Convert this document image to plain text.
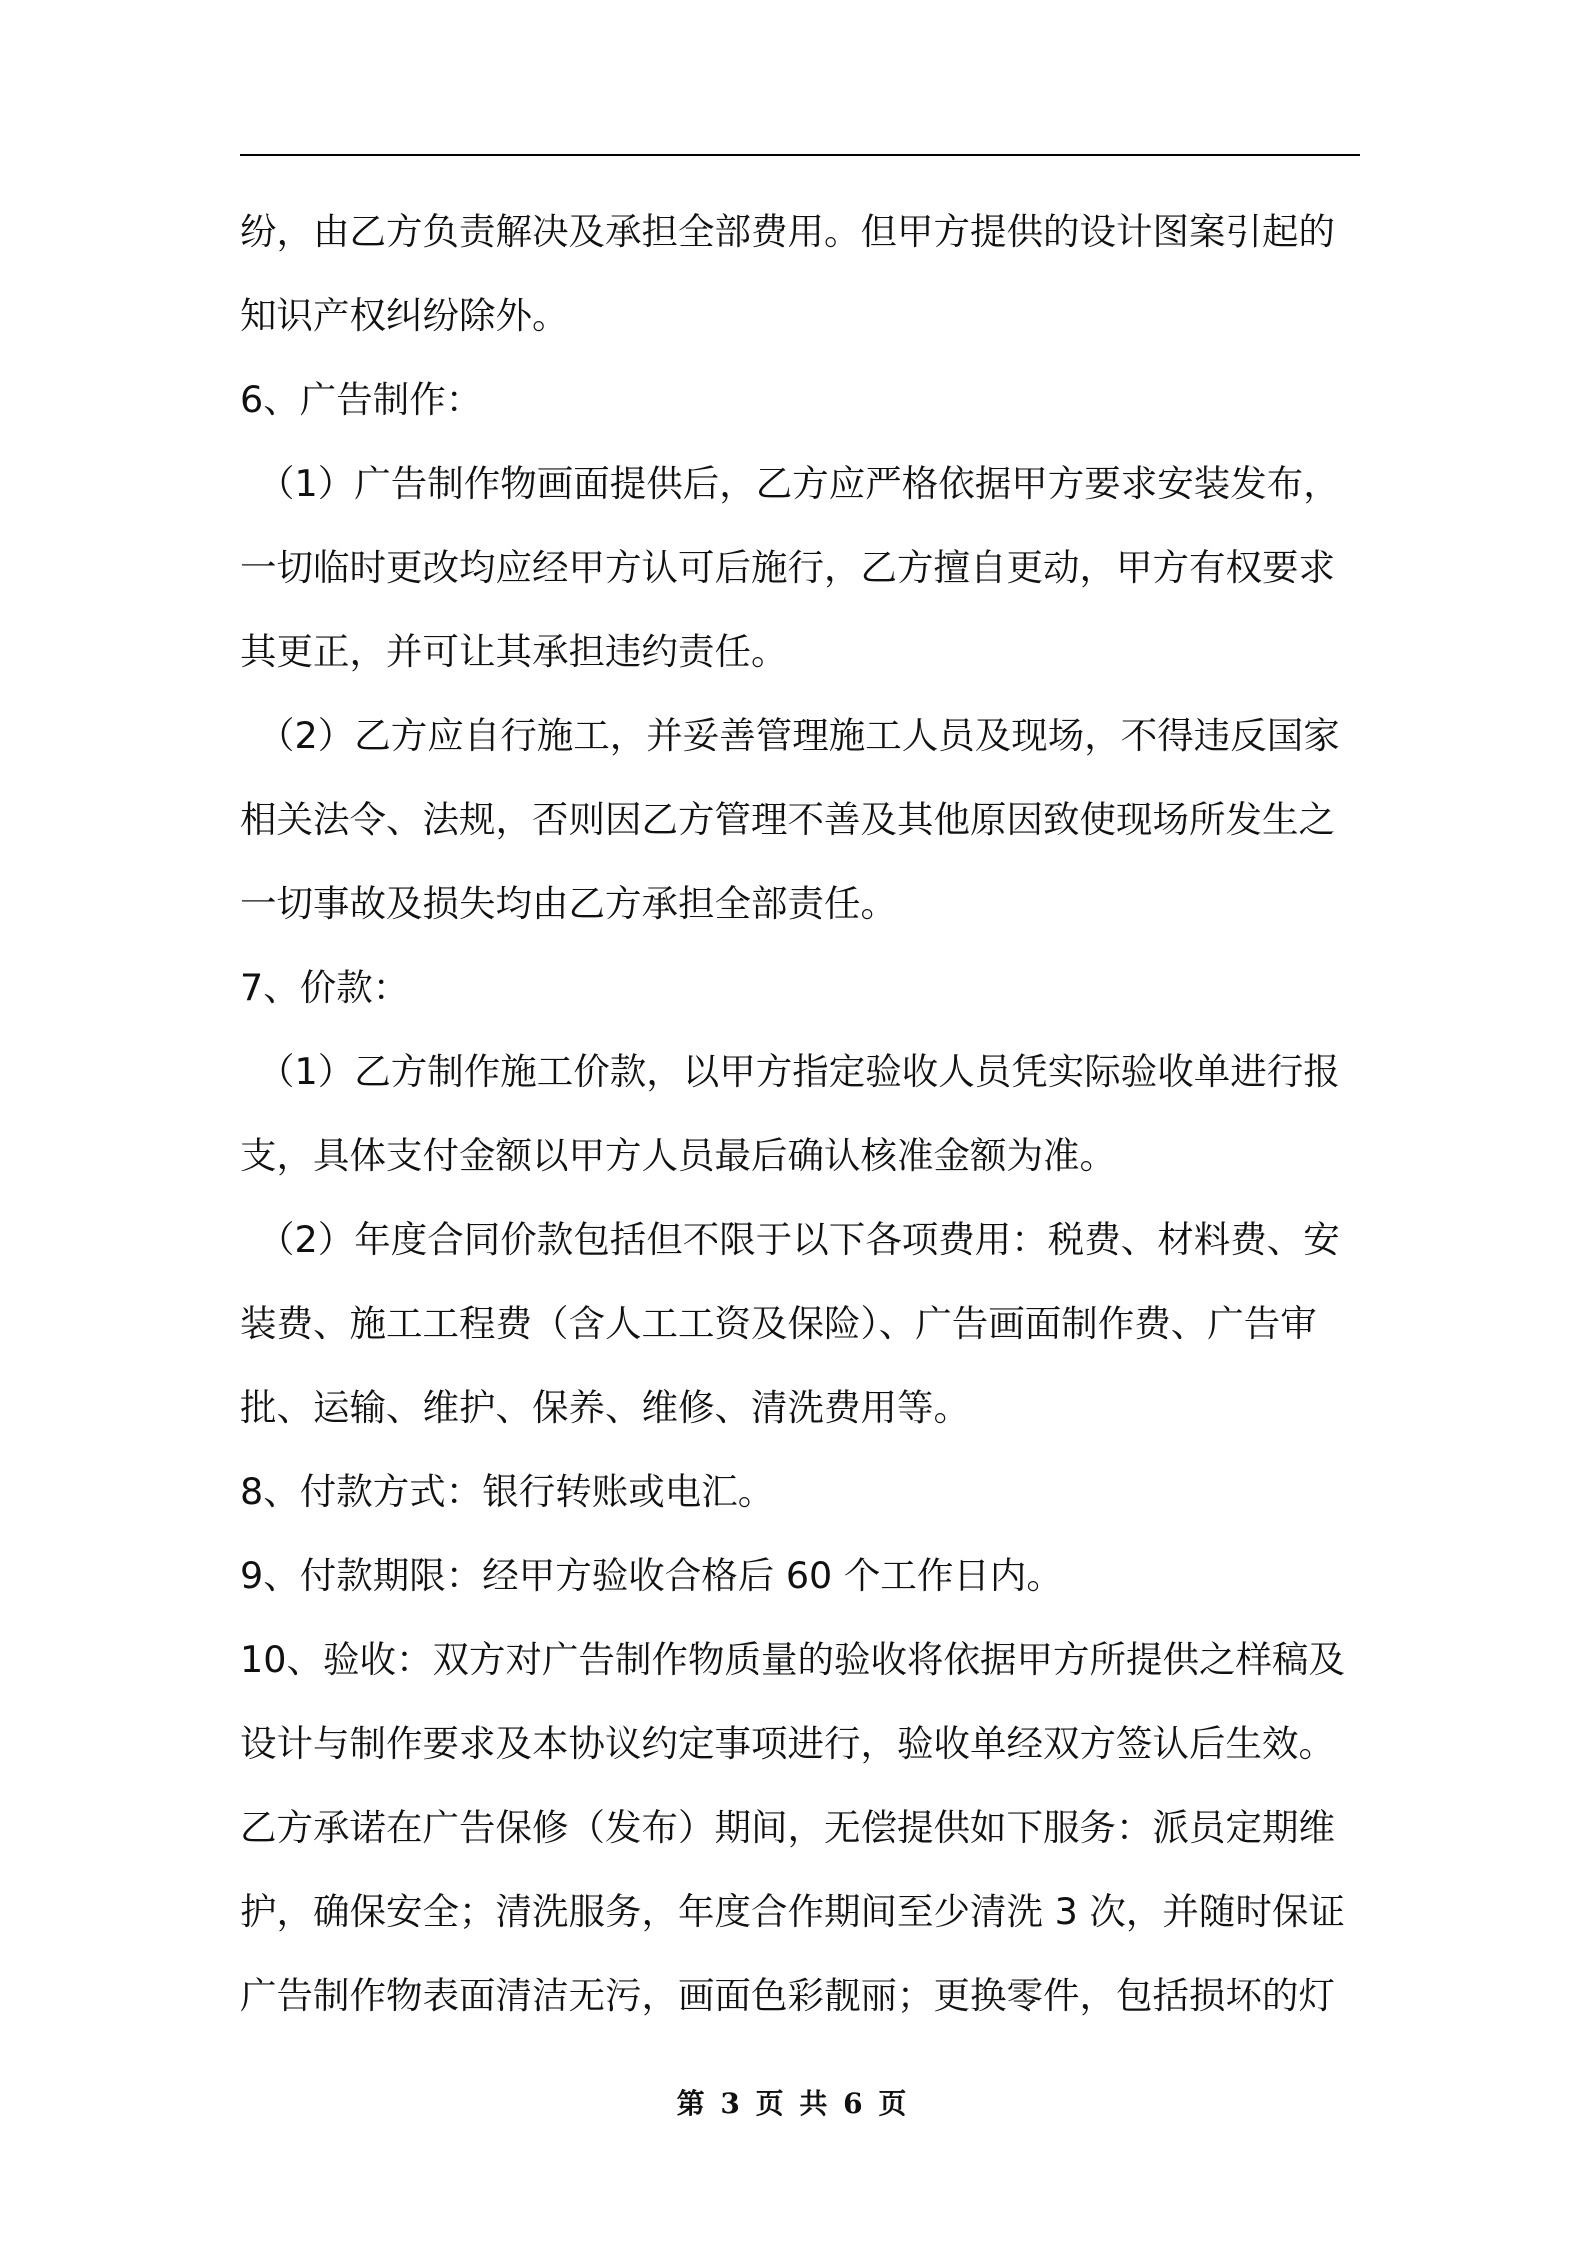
纷，由乙方负责解决及承担全部费用。但甲方提供的设计图案引起的
知识产权纠纷除外。
6、广告制作：
（1）广告制作物画面提供后，乙方应严格依据甲方要求安装发布，
一切临时更改均应经甲方认可后施行，乙方擅自更动，甲方有权要求
其更正，并可让其承担违约责任。
（2）乙方应自行施工，并妥善管理施工人员及现场，不得违反国家
相关法令、法规，否则因乙方管理不善及其他原因致使现场所发生之
一切事故及损失均由乙方承担全部责任。
7、价款：
（1）乙方制作施工价款，以甲方指定验收人员凭实际验收单进行报
支，具体支付金额以甲方人员最后确认核准金额为准。
（2）年度合同价款包括但不限于以下各项费用：税费、材料费、安
装费、施工工程费（含人工工资及保险）、广告画面制作费、广告审
批、运输、维护、保养、维修、清洗费用等。
8、付款方式：银行转账或电汇。
9、付款期限：经甲方验收合格后 60 个工作日内。
10、验收：双方对广告制作物质量的验收将依据甲方所提供之样稿及
设计与制作要求及本协议约定事项进行，验收单经双方签认后生效。
乙方承诺在广告保修（发布）期间，无偿提供如下服务：派员定期维
护，确保安全；清洗服务，年度合作期间至少清洗 3 次，并随时保证
广告制作物表面清洁无污，画面色彩靓丽；更换零件，包括损坏的灯
第 3 页 共 6 页
